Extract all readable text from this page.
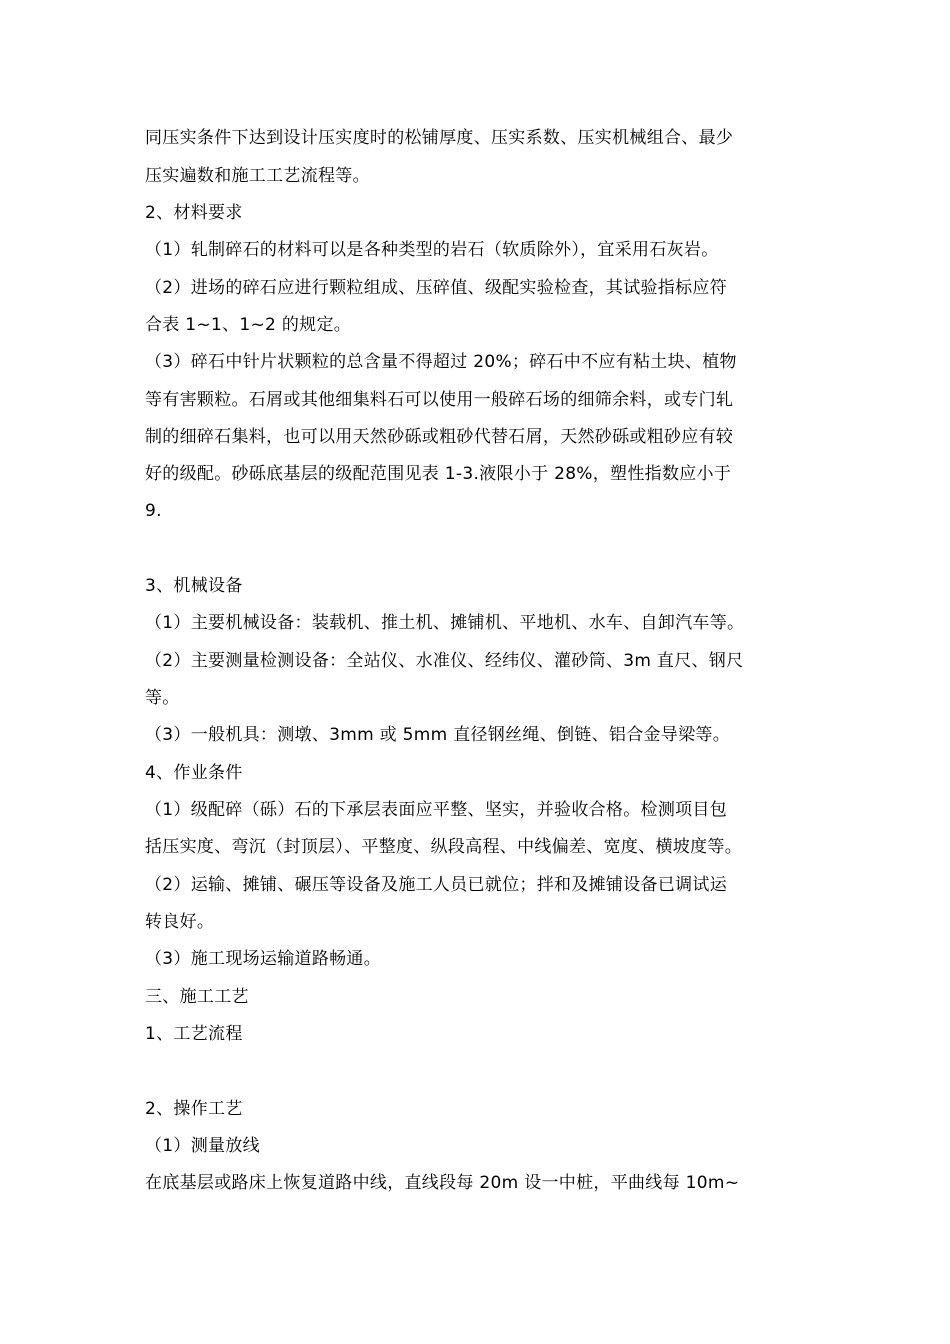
同压实条件下达到设计压实度时的松铺厚度、压实系数、压实机械组合、最少
压实遍数和施工工艺流程等。
2、材料要求
（1）轧制碎石的材料可以是各种类型的岩石（软质除外），宜采用石灰岩。
（2）进场的碎石应进行颗粒组成、压碎值、级配实验检查，其试验指标应符
合表 1~1、1~2 的规定。
（3）碎石中针片状颗粒的总含量不得超过 20%；碎石中不应有粘土块、植物
等有害颗粒。石屑或其他细集料石可以使用一般碎石场的细筛余料，或专门轧
制的细碎石集料，也可以用天然砂砾或粗砂代替石屑，天然砂砾或粗砂应有较
好的级配。砂砾底基层的级配范围见表 1-3.液限小于 28%，塑性指数应小于
9.
3、机械设备
（1）主要机械设备：装载机、推土机、摊铺机、平地机、水车、自卸汽车等。
（2）主要测量检测设备：全站仪、水准仪、经纬仪、灌砂筒、3m 直尺、钢尺
等。
（3）一般机具：测墩、3mm 或 5mm 直径钢丝绳、倒链、铝合金导梁等。
4、作业条件
（1）级配碎（砾）石的下承层表面应平整、坚实，并验收合格。检测项目包
括压实度、弯沉（封顶层）、平整度、纵段高程、中线偏差、宽度、横坡度等。
（2）运输、摊铺、碾压等设备及施工人员已就位；拌和及摊铺设备已调试运
转良好。
（3）施工现场运输道路畅通。
三、施工工艺
1、工艺流程
2、操作工艺
（1）测量放线
在底基层或路床上恢复道路中线，直线段每 20m 设一中桩，平曲线每 10m~
